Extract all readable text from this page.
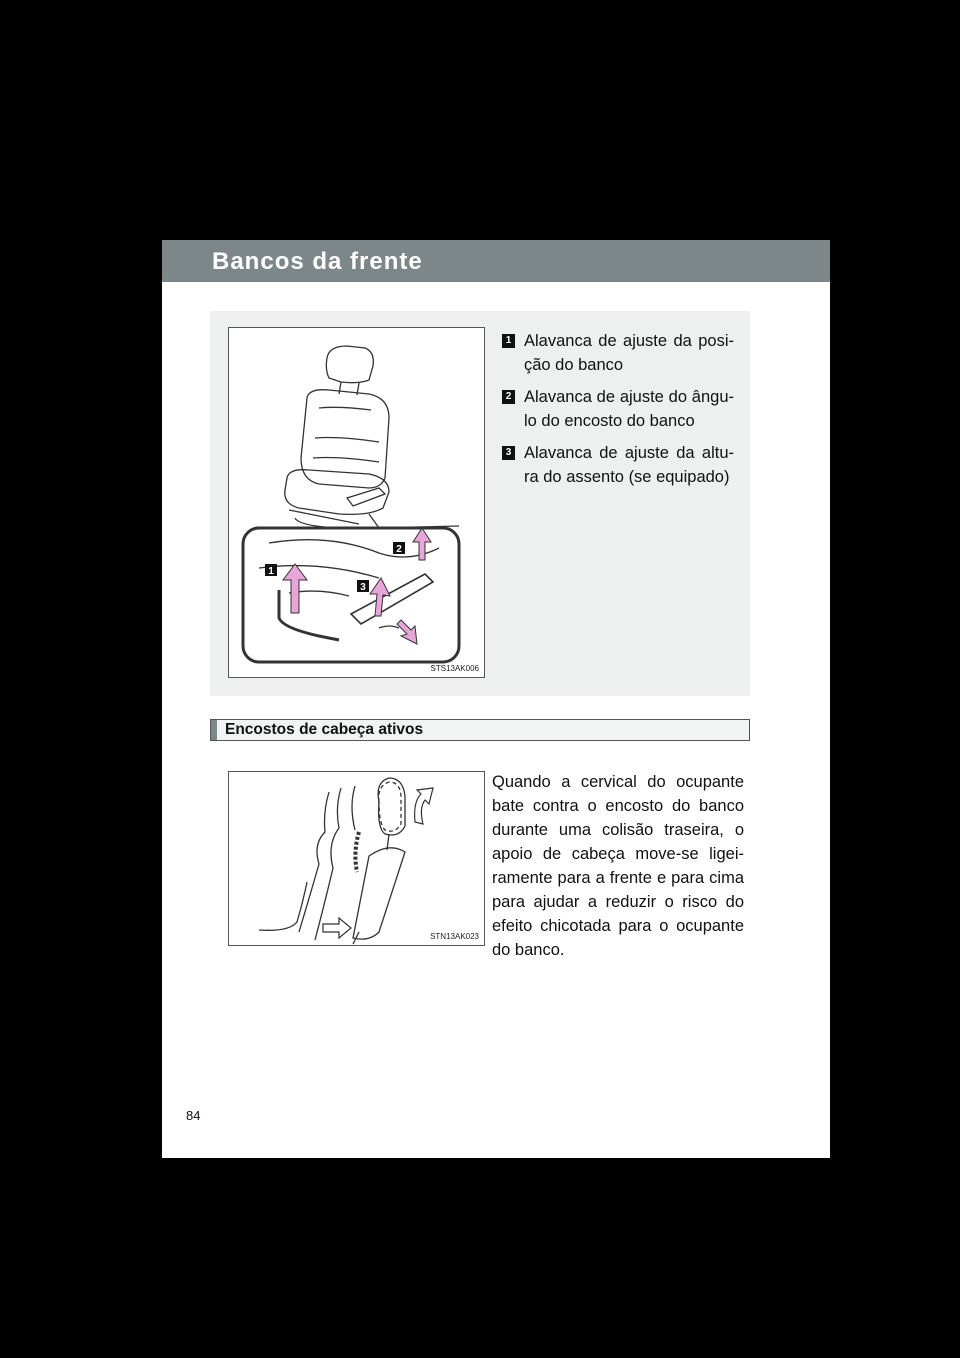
Bancos da frente
1
2
3
STS13AK006
1 Alavanca de ajuste da posi-ção do banco
2 Alavanca de ajuste do ângu-lo do encosto do banco
3 Alavanca de ajuste da altu-ra do assento (se equipado)
Encostos de cabeça ativos
STN13AK023
Quando a cervical do ocupante bate contra o encosto do banco durante uma colisão traseira, o apoio de cabeça move-se ligei-ramente para a frente e para cima para ajudar a reduzir o risco do efeito chicotada para o ocupante do banco.
84
